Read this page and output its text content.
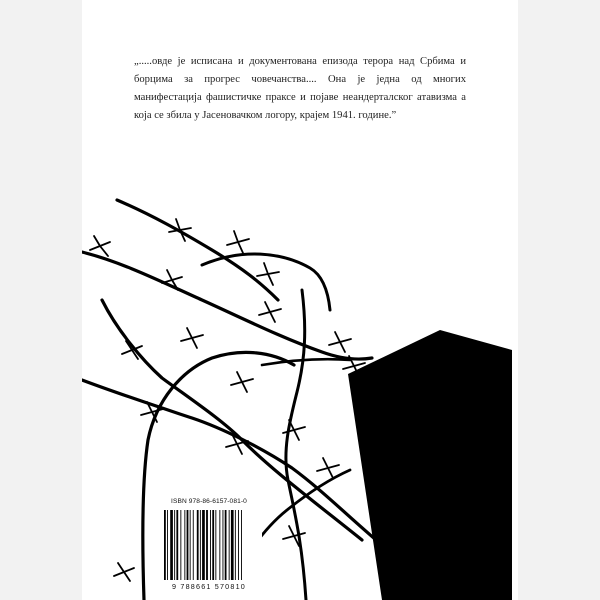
„.....овде је исписана и документована епизода терора над Србима и борцима за прогрес човечанства.... Она је једна од многих манифестација фашистичке праксе и појаве неандерталског атавизма а која се збила у Јасеновачком логору, крајем 1941. године.”

ISBN 978-86-6157-081-0
9 788661 570810
